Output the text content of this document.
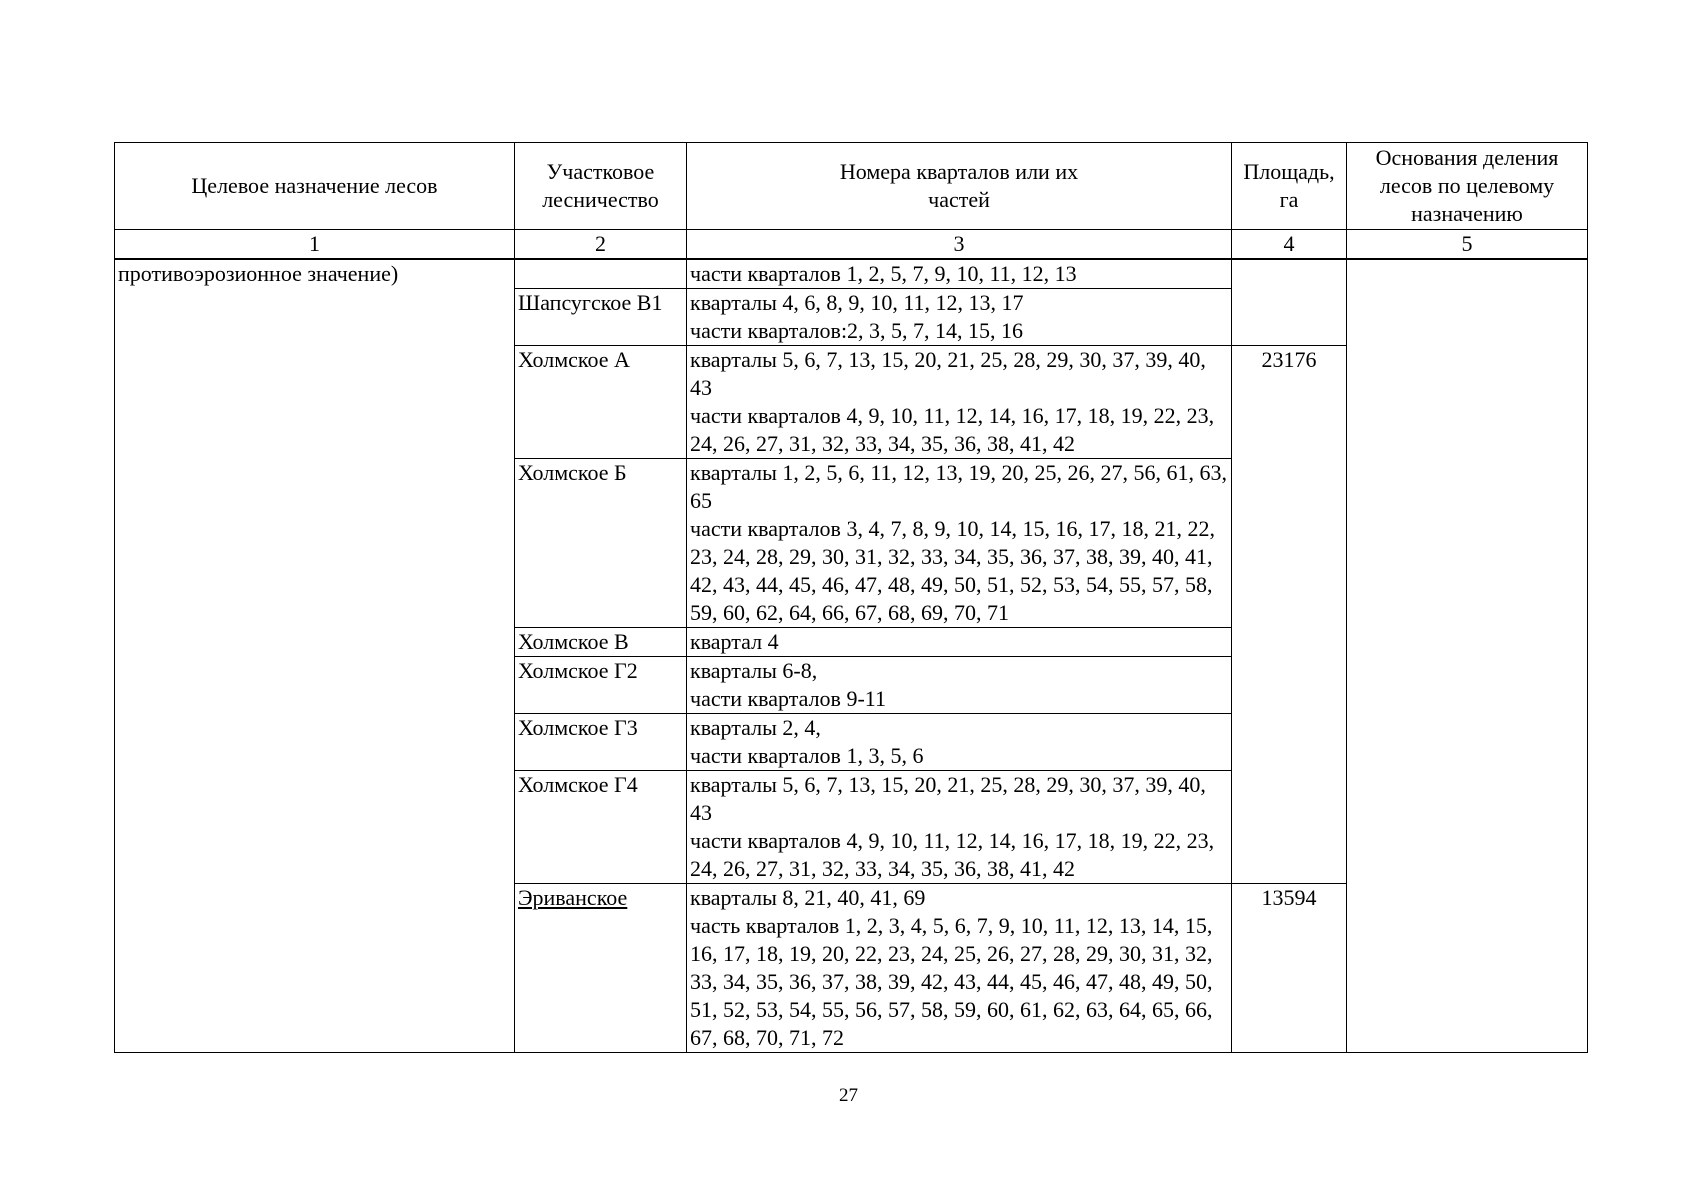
Целевое назначение лесов	Участковое лесничество	Номера кварталов или их частей	Площадь, га	Основания деления лесов по целевому назначению
1	2	3	4	5
противоэрозионное значение)		части кварталов 1, 2, 5, 7, 9, 10, 11, 12, 13		

	Шапсугское В1	кварталы 4, 6, 8, 9, 10, 11, 12, 13, 17
части кварталов:2, 3, 5, 7, 14, 15, 16		

	Холмское А	кварталы 5, 6, 7, 13, 15, 20, 21, 25, 28, 29, 30, 37, 39, 40, 43
части кварталов 4, 9, 10, 11, 12, 14, 16, 17, 18, 19, 22, 23, 24, 26, 27, 31, 32, 33, 34, 35, 36, 38, 41, 42	23176	
	Холмское Б	кварталы 1, 2, 5, 6, 11, 12, 13, 19, 20, 25, 26, 27, 56, 61, 63, 65
части кварталов 3, 4, 7, 8, 9, 10, 14, 15, 16, 17, 18, 21, 22, 23, 24, 28, 29, 30, 31, 32, 33, 34, 35, 36, 37, 38, 39, 40, 41, 42, 43, 44, 45, 46, 47, 48, 49, 50, 51, 52, 53, 54, 55, 57, 58, 59, 60, 62, 64, 66, 67, 68, 69, 70, 71		

	Холмское В	квартал 4		

	Холмское Г2	кварталы 6-8,
части кварталов 9-11		

	Холмское Г3	кварталы 2, 4,
части кварталов 1, 3, 5, 6		

	Холмское Г4	кварталы 5, 6, 7, 13, 15, 20, 21, 25, 28, 29, 30, 37, 39, 40, 43
части кварталов 4, 9, 10, 11, 12, 14, 16, 17, 18, 19, 22, 23, 24, 26, 27, 31, 32, 33, 34, 35, 36, 38, 41, 42		

	Эриванское	кварталы 8, 21, 40, 41, 69
часть кварталов 1, 2, 3, 4, 5, 6, 7, 9, 10, 11, 12, 13, 14, 15, 16, 17, 18, 19, 20, 22, 23, 24, 25, 26, 27, 28, 29, 30, 31, 32, 33, 34, 35, 36, 37, 38, 39, 42, 43, 44, 45, 46, 47, 48, 49, 50, 51, 52, 53, 54, 55, 56, 57, 58, 59, 60, 61, 62, 63, 64, 65, 66, 67, 68, 70, 71, 72	13594	
27
